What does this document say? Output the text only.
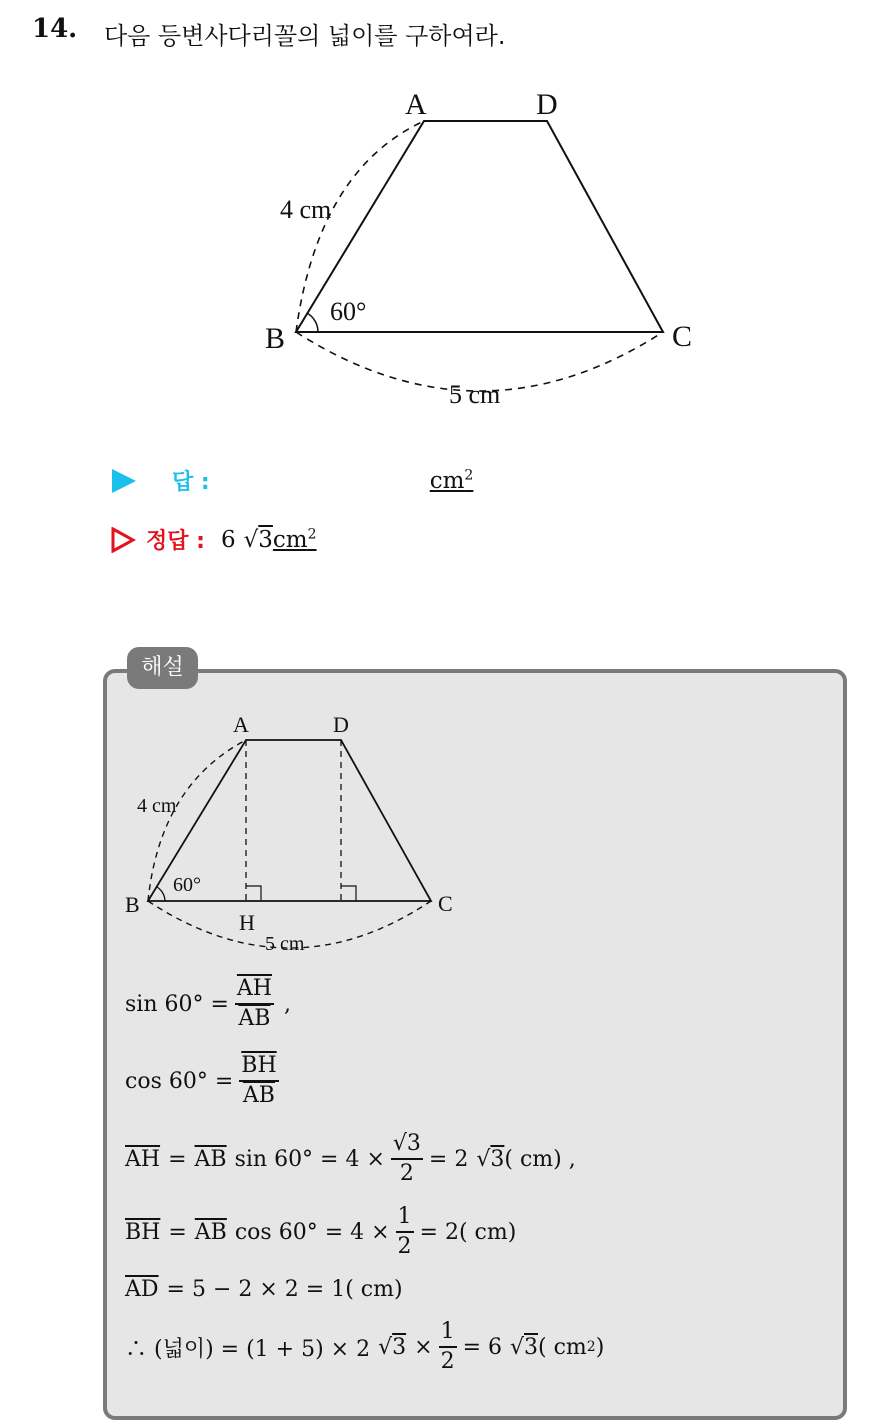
14. 다음 등변사다리꼴의 넓이를 구하여라.
A	D
B	C
4 cm
60°
5 cm
답 :	$cm^2$
정답 : 6 $√3cm^2$
해설
A	D
B	C
H
4 cm
60°
5 cm
$\sin 60^\circ = \frac{\overline{AH}}{AB}$ ,
$\cos 60^\circ = \frac{\overline{BH}}{AB}$
$\overline{AH} = \overline{AB}$ $\sin 60^\circ = 4 \times \frac{√3}{2} = 2$ √ 3 ( cm) ,
$\overline{BH} = \overline{AB}$ $\cos 60^\circ = 4 \times \frac{1}{2} = 2$( cm)
$\overline{AD} = 5 - 2 \times 2 = 1$( cm)
∴ (넓이) = (1 + 5) × 2 √ $3 \times \frac{1}{2} = 6$ √ 3 ( cm 2 )
